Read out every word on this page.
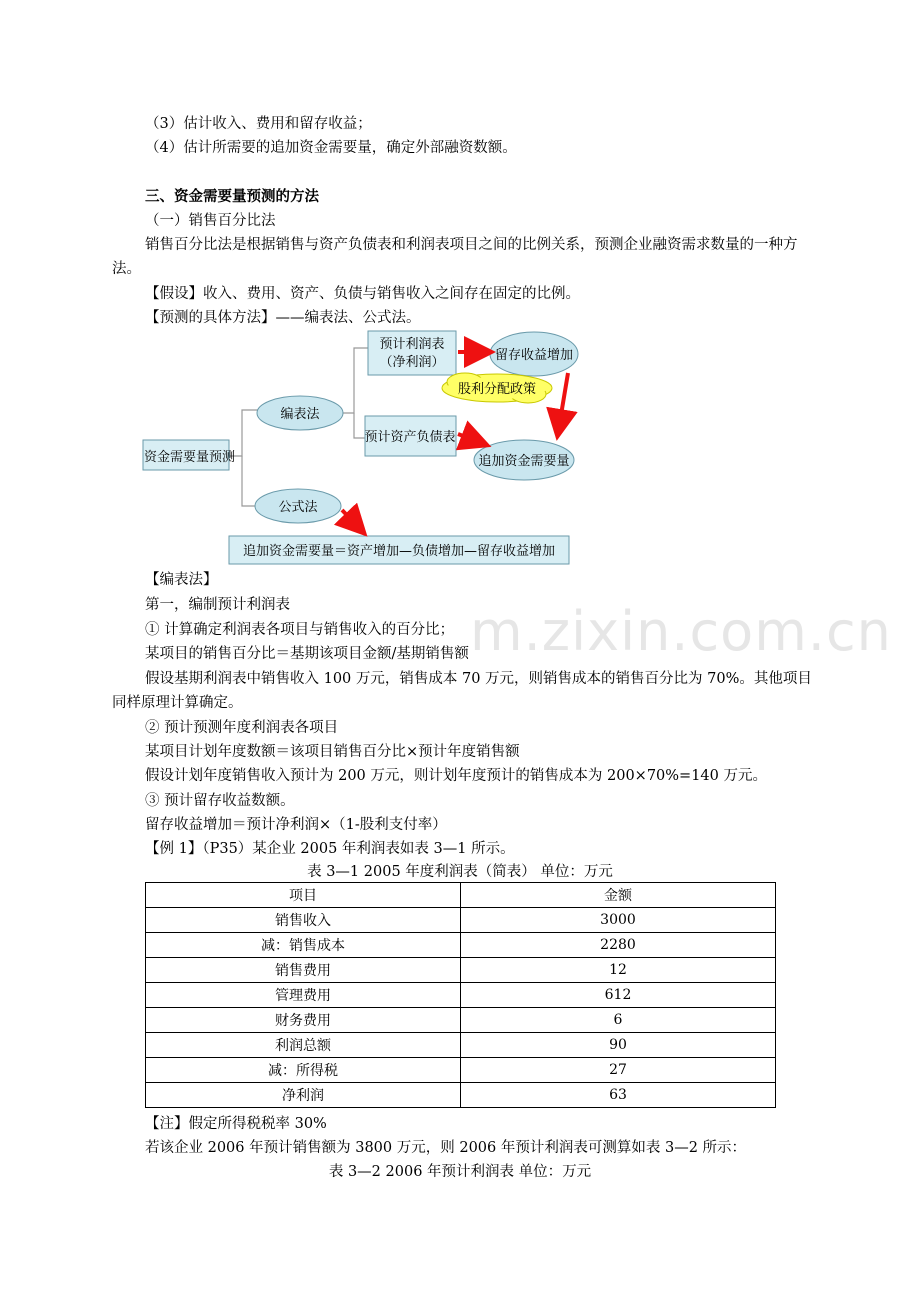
m.zixin.com.cn
（3）估计收入、费用和留存收益；
（4）估计所需要的追加资金需要量，确定外部融资数额。
三、资金需要量预测的方法
（一）销售百分比法
销售百分比法是根据销售与资产负债表和利润表项目之间的比例关系，预测企业融资需求数量的一种方法。
【假设】收入、费用、资产、负债与销售收入之间存在固定的比例。
【预测的具体方法】——编表法、公式法。
资金需要量预测
编表法
公式法
预计利润表
（净利润）
预计资产负债表
留存收益增加
股利分配政策
追加资金需要量
追加资金需要量＝资产增加—负债增加—留存收益增加
【编表法】
第一，编制预计利润表
① 计算确定利润表各项目与销售收入的百分比；
某项目的销售百分比＝基期该项目金额/基期销售额
假设基期利润表中销售收入 100 万元，销售成本 70 万元，则销售成本的销售百分比为 70%。其他项目同样原理计算确定。
② 预计预测年度利润表各项目
某项目计划年度数额＝该项目销售百分比×预计年度销售额
假设计划年度销售收入预计为 200 万元，则计划年度预计的销售成本为 200×70%=140 万元。
③ 预计留存收益数额。
留存收益增加＝预计净利润×（1-股利支付率）
【例 1】（P35）某企业 2005 年利润表如表 3—1 所示。
表 3—1 2005 年度利润表（简表） 单位：万元
项目	金额
销售收入	3000
减：销售成本	2280
销售费用	12
管理费用	612
财务费用	6
利润总额	90
减：所得税	27
净利润	63
【注】假定所得税税率 30%
若该企业 2006 年预计销售额为 3800 万元，则 2006 年预计利润表可测算如表 3—2 所示：
表 3—2 2006 年预计利润表 单位：万元
